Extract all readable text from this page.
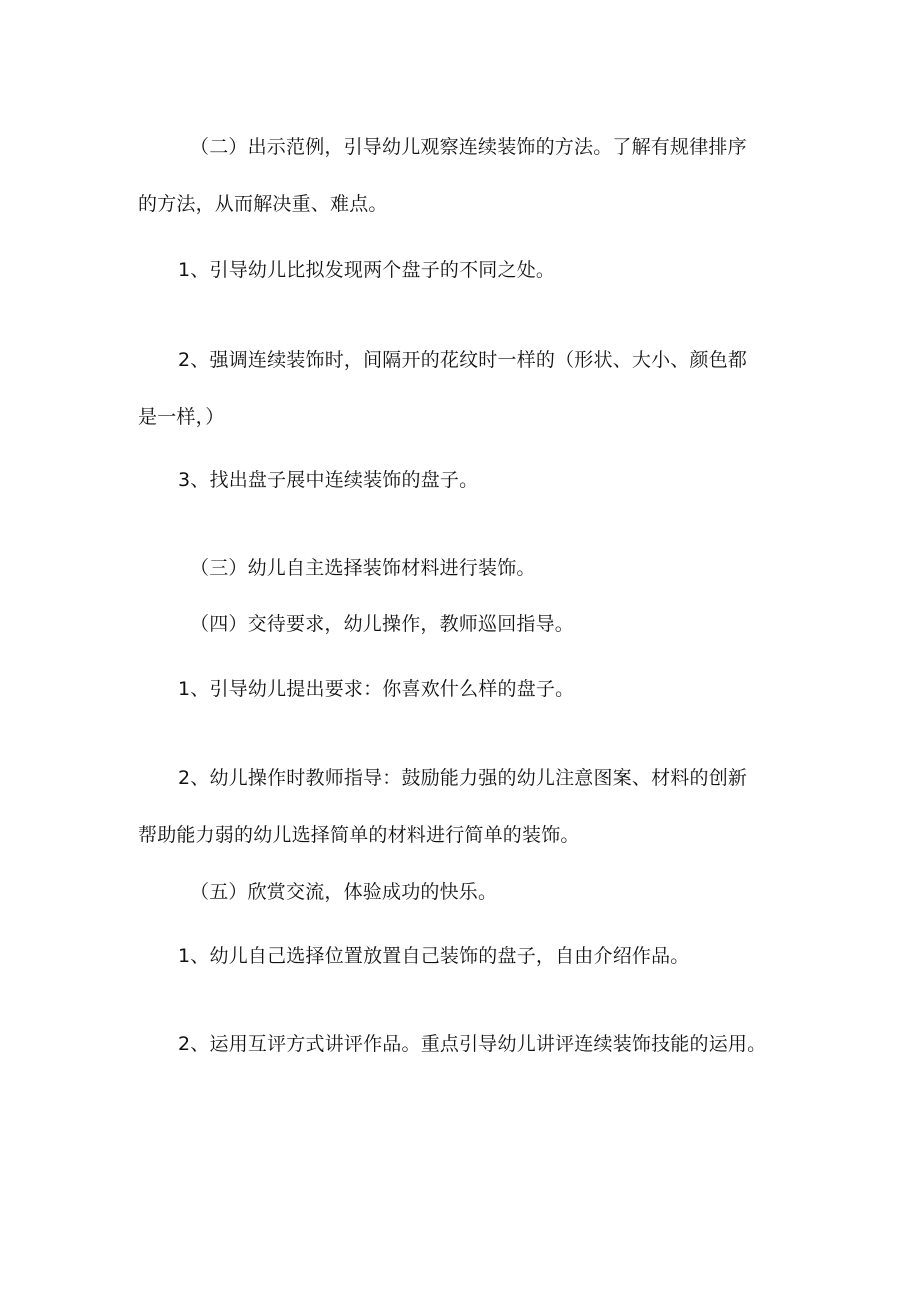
（二）出示范例，引导幼儿观察连续装饰的方法。了解有规律排序
的方法，从而解决重、难点。
1、引导幼儿比拟发现两个盘子的不同之处。
2、强调连续装饰时，间隔开的花纹时一样的（形状、大小、颜色都
是一样，）
3、找出盘子展中连续装饰的盘子。
（三）幼儿自主选择装饰材料进行装饰。
（四）交待要求，幼儿操作，教师巡回指导。
1、引导幼儿提出要求：你喜欢什么样的盘子。
2、幼儿操作时教师指导：鼓励能力强的幼儿注意图案、材料的创新
帮助能力弱的幼儿选择简单的材料进行简单的装饰。
（五）欣赏交流，体验成功的快乐。
1、幼儿自己选择位置放置自己装饰的盘子，自由介绍作品。
2、运用互评方式讲评作品。重点引导幼儿讲评连续装饰技能的运用。
